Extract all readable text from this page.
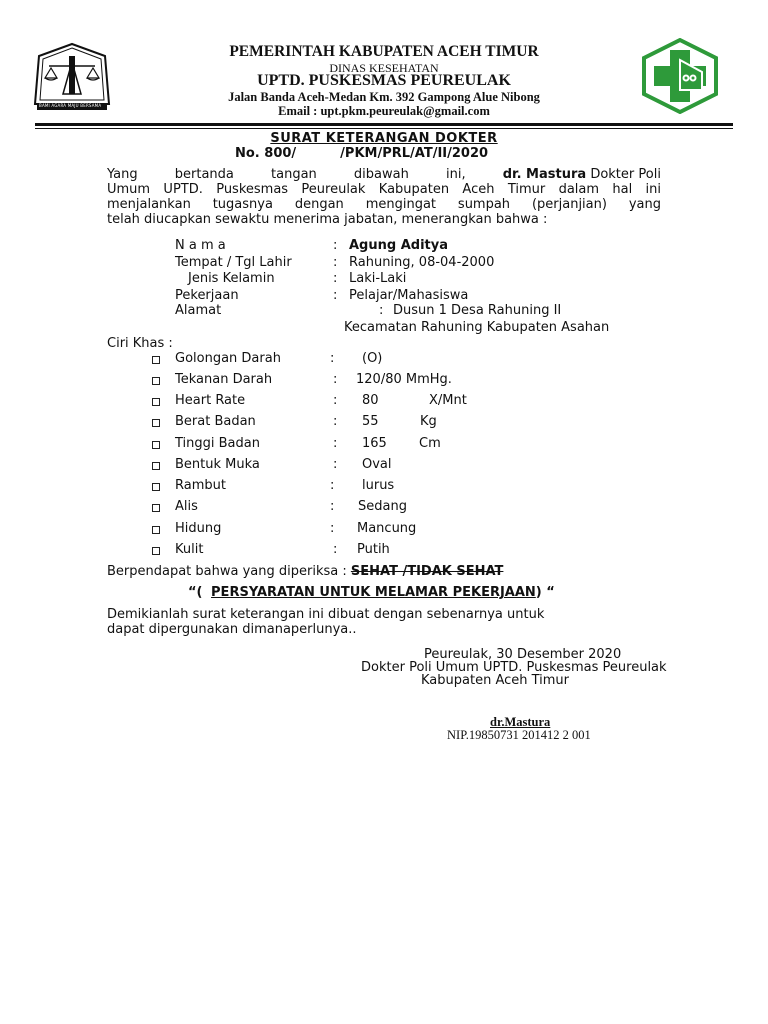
BAMI AGARA MAJU BERSAMA
PEMERINTAH KABUPATEN ACEH TIMUR
DINAS KESEHATAN
UPTD. PUSKESMAS PEUREULAK
Jalan Banda Aceh-Medan Km. 392 Gampong Alue Nibong
Email : upt.pkm.peureulak@gmail.com
SURAT KETERANGAN DOKTER
No. 800/	/PKM/PRL/AT/II/2020
Yang	bertanda	tangan	dibawah	ini,	dr. Mastura Dokter Poli
Umum UPTD. Puskesmas Peureulak Kabupaten Aceh Timur dalam hal ini
menjalankan tugasnya dengan mengingat sumpah (perjanjian) yang
telah diucapkan sewaktu menerima jabatan, menerangkan bahwa :
N a m a	: Agung Aditya
Tempat / Tgl Lahir	: Rahuning, 08-04-2000
Jenis Kelamin	: Laki-Laki
Pekerjaan	: Pelajar/Mahasiswa
Alamat	: Dusun 1 Desa Rahuning II
Kecamatan Rahuning Kabupaten Asahan
Ciri Khas :
Golongan Darah	: (O)
Tekanan Darah	: 120/80 MmHg.
Heart Rate	: 80	X/Mnt
Berat Badan	: 55	Kg
Tinggi Badan	: 165 Cm
Bentuk Muka	: Oval
Rambut	: lurus
Alis	: Sedang
Hidung	: Mancung
Kulit	: Putih
Berpendapat bahwa yang diperiksa : SEHAT /TIDAK SEHAT
“( PERSYARATAN UNTUK MELAMAR PEKERJAAN) “
Demikianlah surat keterangan ini dibuat dengan sebenarnya untuk
dapat dipergunakan dimanaperlunya..
Peureulak, 30 Desember 2020
Dokter Poli Umum UPTD. Puskesmas Peureulak
Kabupaten Aceh Timur
dr.Mastura
NIP.19850731 201412 2 001
